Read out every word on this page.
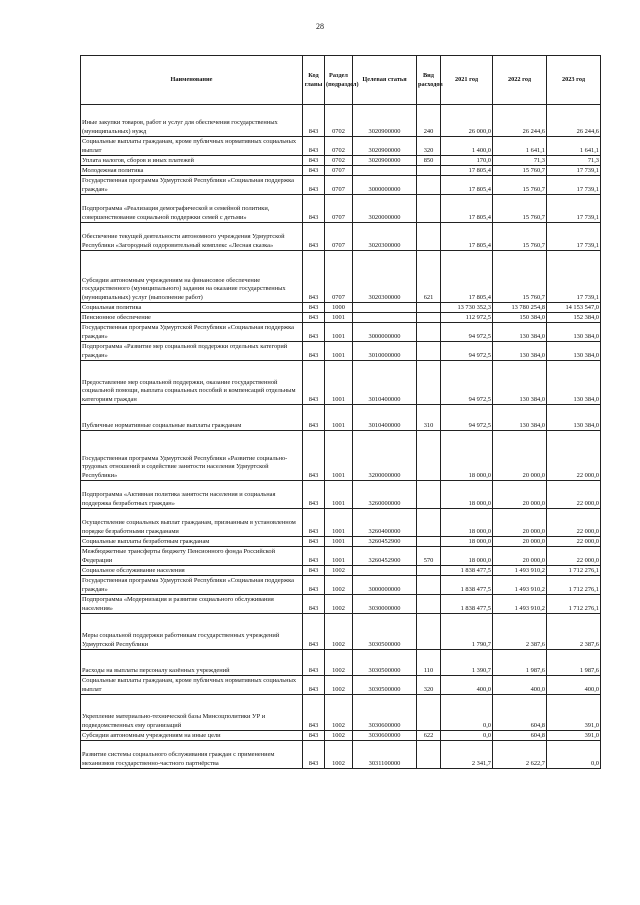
28
Наименование	Код главы	Раздел (подраздел)	Целевая статья	Вид расходов	2021 год	2022 год	2023 год
Иные закупки товаров, работ и услуг для обеспечения государственных (муниципальных) нужд	843	0702	3020900000	240	26 000,0	26 244,6	26 244,6
Социальные выплаты гражданам, кроме публичных нормативных социальных выплат	843	0702	3020900000	320	1 400,0	1 641,1	1 641,1
Уплата налогов, сборов и иных платежей	843	0702	3020900000	850	170,0	71,3	71,3
Молодежная политика	843	0707			17 805,4	15 760,7	17 739,1
Государственная программа Удмуртской Республики «Социальная поддержка граждан»	843	0707	3000000000		17 805,4	15 760,7	17 739,1
Подпрограмма «Реализация демографической и семейной политики, совершенствование социальной поддержки семей с детьми»	843	0707	3020000000		17 805,4	15 760,7	17 739,1
Обеспечение текущей деятельности автономного учреждения Удмуртской Республики «Загородный оздоровительный комплекс «Лесная сказка»	843	0707	3020300000		17 805,4	15 760,7	17 739,1
Субсидии автономным учреждениям на финансовое обеспечение государственного (муниципального) задания на оказание государственных (муниципальных) услуг (выполнение работ)	843	0707	3020300000	621	17 805,4	15 760,7	17 739,1
Социальная политика	843	1000			13 730 352,3	13 780 254,8	14 153 547,0
Пенсионное обеспечение	843	1001			112 972,5	150 384,0	152 384,0
Государственная программа Удмуртской Республики «Социальная поддержка граждан»	843	1001	3000000000		94 972,5	130 384,0	130 384,0
Подпрограмма «Развитие мер социальной поддержки отдельных категорий граждан»	843	1001	3010000000		94 972,5	130 384,0	130 384,0
Предоставление мер социальной поддержки, оказание государственной социальной помощи, выплата социальных пособий и компенсаций отдельным категориям граждан	843	1001	3010400000		94 972,5	130 384,0	130 384,0
Публичные нормативные социальные выплаты гражданам	843	1001	3010400000	310	94 972,5	130 384,0	130 384,0
Государственная программа Удмуртской Республики «Развитие социально-трудовых отношений и содействие занятости населения Удмуртской Республики»	843	1001	3200000000		18 000,0	20 000,0	22 000,0
Подпрограмма «Активная политика занятости населения и социальная поддержка безработных граждан»	843	1001	3260000000		18 000,0	20 000,0	22 000,0
Осуществление социальных выплат гражданам, признанным в установленном порядке безработными гражданами	843	1001	3260400000		18 000,0	20 000,0	22 000,0
Социальные выплаты безработным гражданам	843	1001	3260452900		18 000,0	20 000,0	22 000,0
Межбюджетные трансферты бюджету Пенсионного фонда Российской Федерации	843	1001	3260452900	570	18 000,0	20 000,0	22 000,0
Социальное обслуживание населения	843	1002			1 838 477,5	1 493 910,2	1 712 276,1
Государственная программа Удмуртской Республики «Социальная поддержка граждан»	843	1002	3000000000		1 838 477,5	1 493 910,2	1 712 276,1
Подпрограмма «Модернизация и развитие социального обслуживания населения»	843	1002	3030000000		1 838 477,5	1 493 910,2	1 712 276,1
Меры социальной поддержки работникам государственных учреждений Удмуртской Республики	843	1002	3030500000		1 790,7	2 387,6	2 387,6
Расходы на выплаты персоналу казённых учреждений	843	1002	3030500000	110	1 390,7	1 987,6	1 987,6
Социальные выплаты гражданам, кроме публичных нормативных социальных выплат	843	1002	3030500000	320	400,0	400,0	400,0
Укрепление материально-технической базы Минсоцполитики УР и подведомственных ему организаций	843	1002	3030600000		0,0	604,8	391,0
Субсидии автономным учреждениям на иные цели	843	1002	3030600000	622	0,0	604,8	391,0
Развитие системы социального обслуживания граждан с применением механизмов государственно-частного партнёрства	843	1002	3031100000		2 341,7	2 622,7	0,0
